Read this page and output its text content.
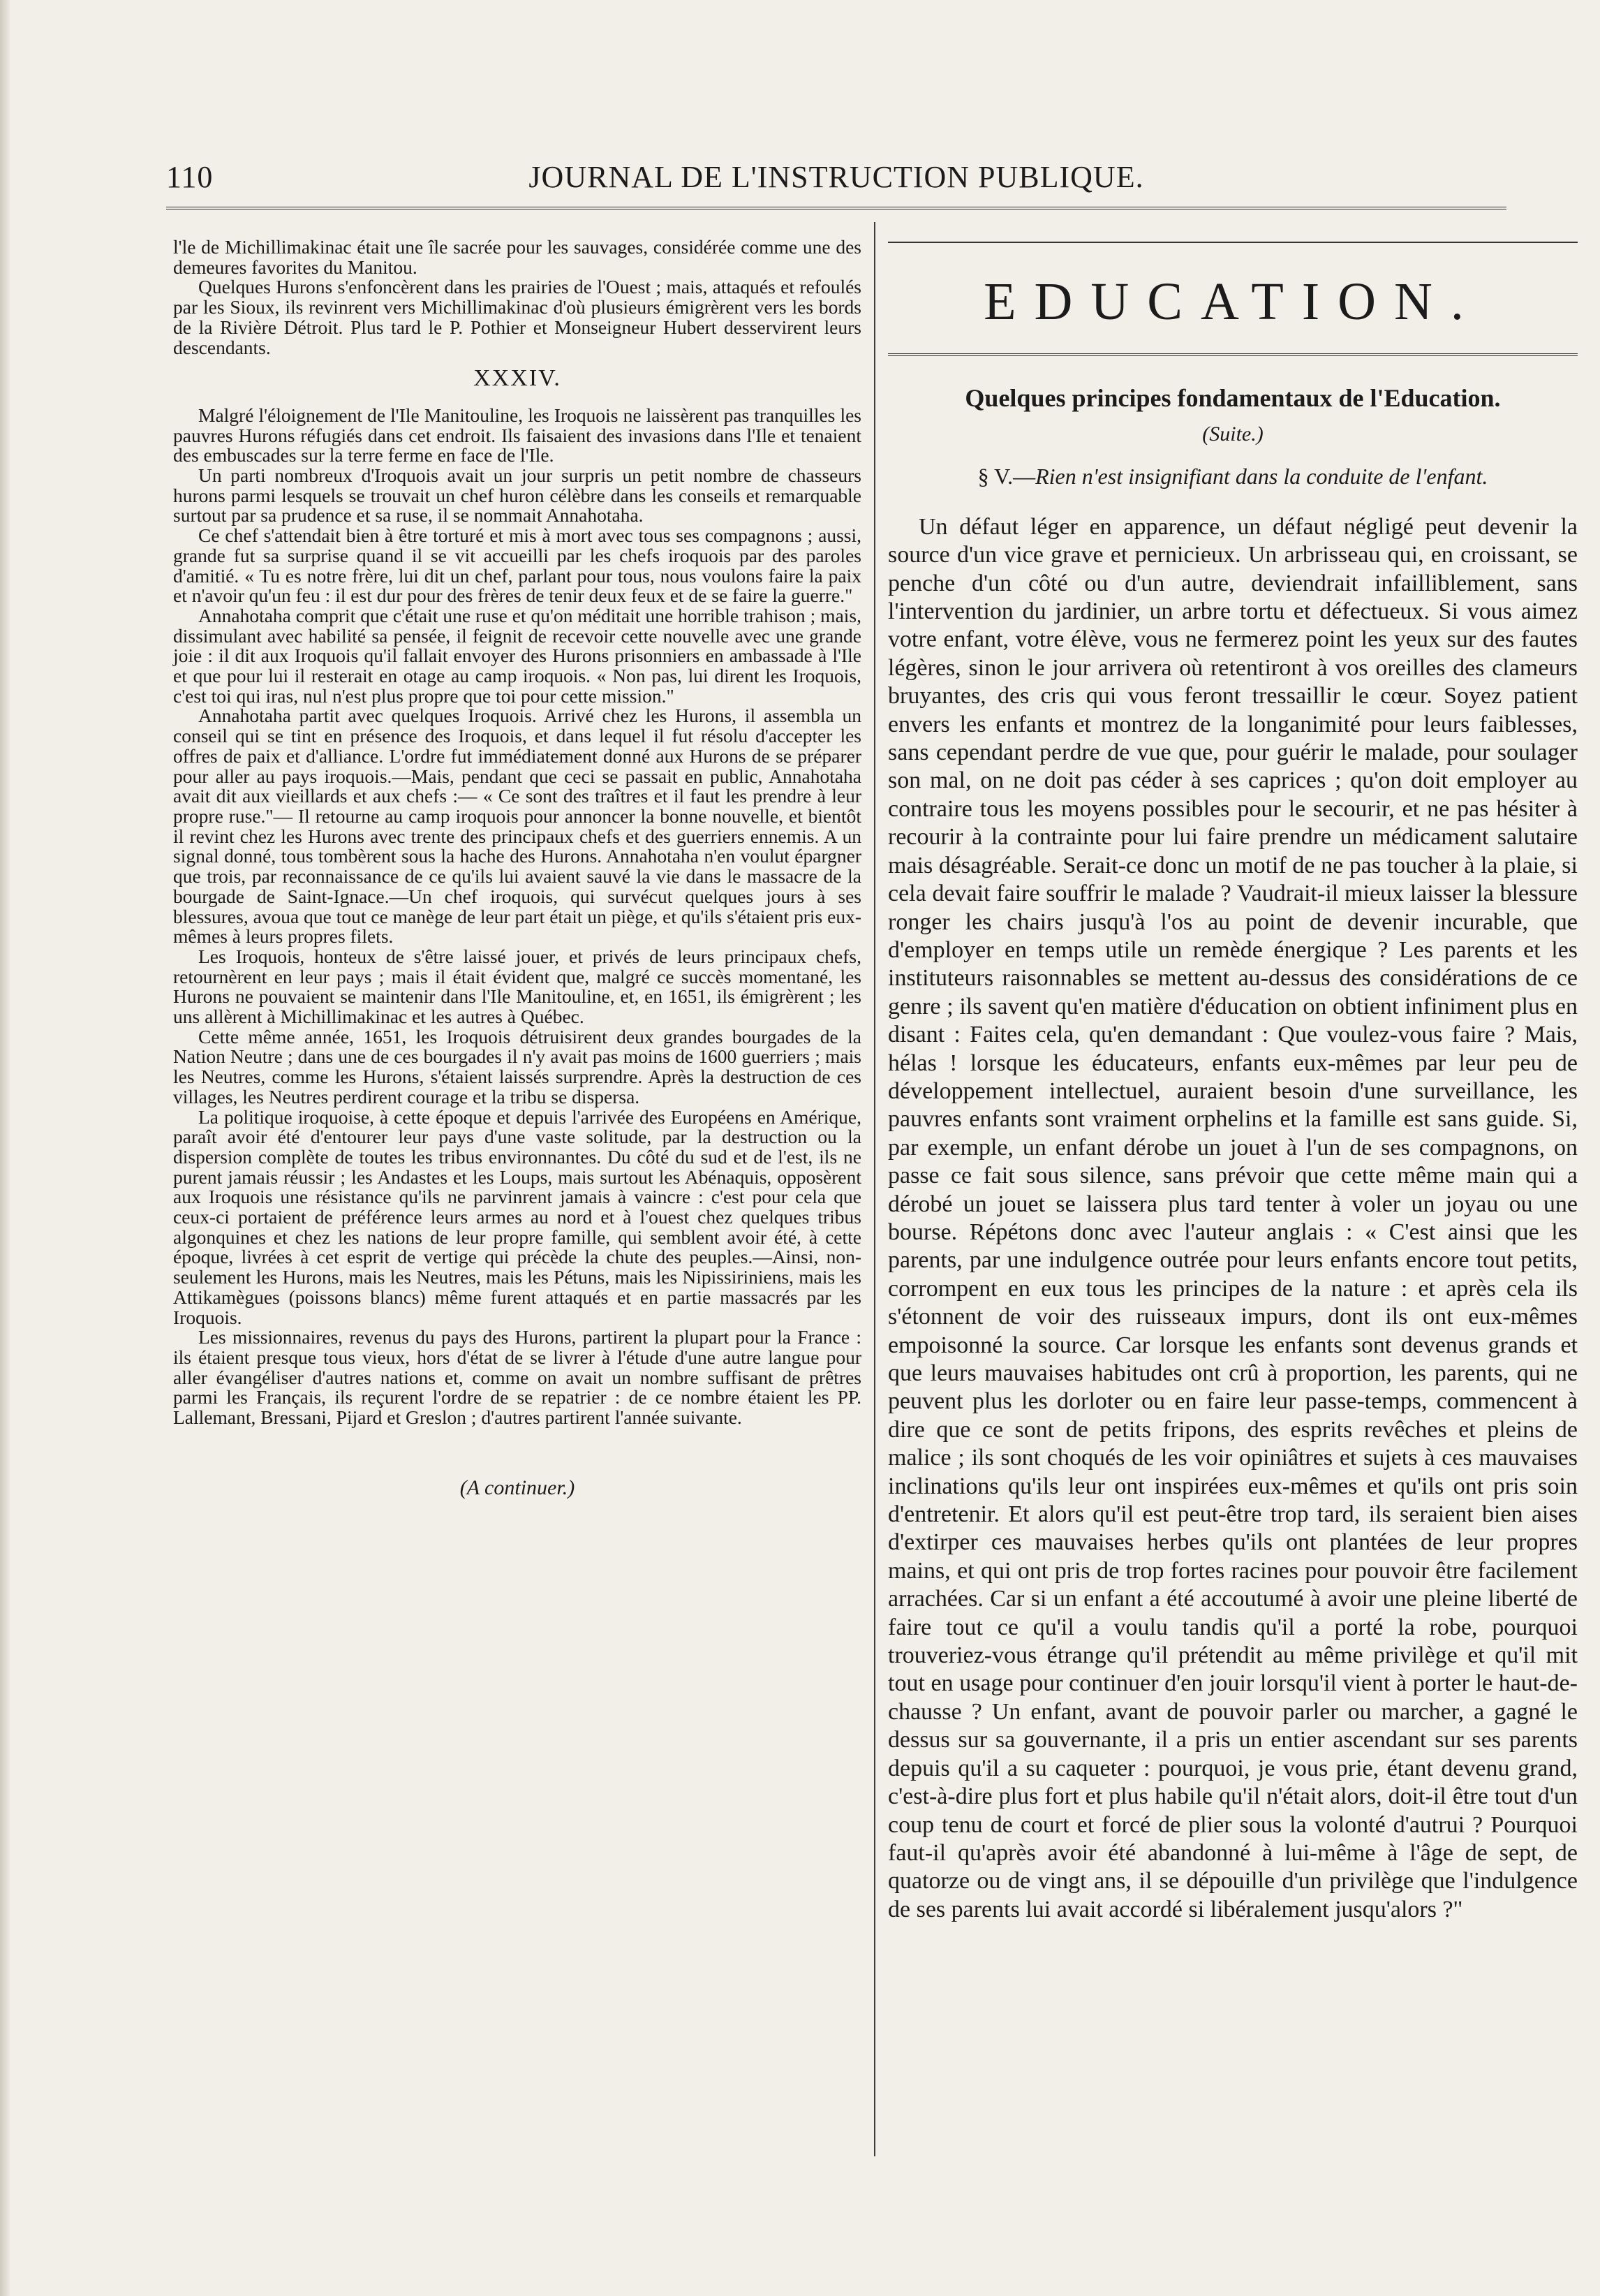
110	JOURNAL DE L'INSTRUCTION PUBLIQUE.

l'le de Michillimakinac était une île sacrée pour les sauvages, considérée comme une des demeures favorites du Manitou.

Quelques Hurons s'enfoncèrent dans les prairies de l'Ouest ; mais, attaqués et refoulés par les Sioux, ils revinrent vers Michillimakinac d'où plusieurs émigrèrent vers les bords de la Rivière Détroit. Plus tard le P. Pothier et Monseigneur Hubert desservirent leurs descendants.

XXXIV.

Malgré l'éloignement de l'Ile Manitouline, les Iroquois ne laissèrent pas tranquilles les pauvres Hurons réfugiés dans cet endroit. Ils faisaient des invasions dans l'Ile et tenaient des embuscades sur la terre ferme en face de l'Ile.

Un parti nombreux d'Iroquois avait un jour surpris un petit nombre de chasseurs hurons parmi lesquels se trouvait un chef huron célèbre dans les conseils et remarquable surtout par sa prudence et sa ruse, il se nommait Annahotaha.

Ce chef s'attendait bien à être torturé et mis à mort avec tous ses compagnons ; aussi, grande fut sa surprise quand il se vit accueilli par les chefs iroquois par des paroles d'amitié. « Tu es notre frère, lui dit un chef, parlant pour tous, nous voulons faire la paix et n'avoir qu'un feu : il est dur pour des frères de tenir deux feux et de se faire la guerre."

Annahotaha comprit que c'était une ruse et qu'on méditait une horrible trahison ; mais, dissimulant avec habilité sa pensée, il feignit de recevoir cette nouvelle avec une grande joie : il dit aux Iroquois qu'il fallait envoyer des Hurons prisonniers en ambassade à l'Ile et que pour lui il resterait en otage au camp iroquois. « Non pas, lui dirent les Iroquois, c'est toi qui iras, nul n'est plus propre que toi pour cette mission."

Annahotaha partit avec quelques Iroquois. Arrivé chez les Hurons, il assembla un conseil qui se tint en présence des Iroquois, et dans lequel il fut résolu d'accepter les offres de paix et d'alliance. L'ordre fut immédiatement donné aux Hurons de se préparer pour aller au pays iroquois.—Mais, pendant que ceci se passait en public, Annahotaha avait dit aux vieillards et aux chefs :— « Ce sont des traîtres et il faut les prendre à leur propre ruse."— Il retourne au camp iroquois pour annoncer la bonne nouvelle, et bientôt il revint chez les Hurons avec trente des principaux chefs et des guerriers ennemis. A un signal donné, tous tombèrent sous la hache des Hurons. Annahotaha n'en voulut épargner que trois, par reconnaissance de ce qu'ils lui avaient sauvé la vie dans le massacre de la bourgade de Saint-Ignace.—Un chef iroquois, qui survécut quelques jours à ses blessures, avoua que tout ce manège de leur part était un piège, et qu'ils s'étaient pris eux-mêmes à leurs propres filets.

Les Iroquois, honteux de s'être laissé jouer, et privés de leurs principaux chefs, retournèrent en leur pays ; mais il était évident que, malgré ce succès momentané, les Hurons ne pouvaient se maintenir dans l'Ile Manitouline, et, en 1651, ils émigrèrent ; les uns allèrent à Michillimakinac et les autres à Québec.

Cette même année, 1651, les Iroquois détruisirent deux grandes bourgades de la Nation Neutre ; dans une de ces bourgades il n'y avait pas moins de 1600 guerriers ; mais les Neutres, comme les Hurons, s'étaient laissés surprendre. Après la destruction de ces villages, les Neutres perdirent courage et la tribu se dispersa.

La politique iroquoise, à cette époque et depuis l'arrivée des Européens en Amérique, paraît avoir été d'entourer leur pays d'une vaste solitude, par la destruction ou la dispersion complète de toutes les tribus environnantes. Du côté du sud et de l'est, ils ne purent jamais réussir ; les Andastes et les Loups, mais surtout les Abénaquis, opposèrent aux Iroquois une résistance qu'ils ne parvinrent jamais à vaincre : c'est pour cela que ceux-ci portaient de préférence leurs armes au nord et à l'ouest chez quelques tribus algonquines et chez les nations de leur propre famille, qui semblent avoir été, à cette époque, livrées à cet esprit de vertige qui précède la chute des peuples.—Ainsi, non-seulement les Hurons, mais les Neutres, mais les Pétuns, mais les Nipissiriniens, mais les Attikamègues (poissons blancs) même furent attaqués et en partie massacrés par les Iroquois.

Les missionnaires, revenus du pays des Hurons, partirent la plupart pour la France : ils étaient presque tous vieux, hors d'état de se livrer à l'étude d'une autre langue pour aller évangéliser d'autres nations et, comme on avait un nombre suffisant de prêtres parmi les Français, ils reçurent l'ordre de se repatrier : de ce nombre étaient les PP. Lallemant, Bressani, Pijard et Greslon ; d'autres partirent l'année suivante.

(A continuer.)
EDUCATION.
Quelques principes fondamentaux de l'Education.
(Suite.)
§ V.—Rien n'est insignifiant dans la conduite de l'enfant.

Un défaut léger en apparence, un défaut négligé peut devenir la source d'un vice grave et pernicieux. Un arbrisseau qui, en croissant, se penche d'un côté ou d'un autre, deviendrait infailliblement, sans l'intervention du jardinier, un arbre tortu et défectueux. Si vous aimez votre enfant, votre élève, vous ne fermerez point les yeux sur des fautes légères, sinon le jour arrivera où retentiront à vos oreilles des clameurs bruyantes, des cris qui vous feront tressaillir le cœur. Soyez patient envers les enfants et montrez de la longanimité pour leurs faiblesses, sans cependant perdre de vue que, pour guérir le malade, pour soulager son mal, on ne doit pas céder à ses caprices ; qu'on doit employer au contraire tous les moyens possibles pour le secourir, et ne pas hésiter à recourir à la contrainte pour lui faire prendre un médicament salutaire mais désagréable. Serait-ce donc un motif de ne pas toucher à la plaie, si cela devait faire souffrir le malade ? Vaudrait-il mieux laisser la blessure ronger les chairs jusqu'à l'os au point de devenir incurable, que d'employer en temps utile un remède énergique ? Les parents et les instituteurs raisonnables se mettent au-dessus des considérations de ce genre ; ils savent qu'en matière d'éducation on obtient infiniment plus en disant : Faites cela, qu'en demandant : Que voulez-vous faire ? Mais, hélas ! lorsque les éducateurs, enfants eux-mêmes par leur peu de développement intellectuel, auraient besoin d'une surveillance, les pauvres enfants sont vraiment orphelins et la famille est sans guide. Si, par exemple, un enfant dérobe un jouet à l'un de ses compagnons, on passe ce fait sous silence, sans prévoir que cette même main qui a dérobé un jouet se laissera plus tard tenter à voler un joyau ou une bourse. Répétons donc avec l'auteur anglais : « C'est ainsi que les parents, par une indulgence outrée pour leurs enfants encore tout petits, corrompent en eux tous les principes de la nature : et après cela ils s'étonnent de voir des ruisseaux impurs, dont ils ont eux-mêmes empoisonné la source. Car lorsque les enfants sont devenus grands et que leurs mauvaises habitudes ont crû à proportion, les parents, qui ne peuvent plus les dorloter ou en faire leur passe-temps, commencent à dire que ce sont de petits fripons, des esprits revêches et pleins de malice ; ils sont choqués de les voir opiniâtres et sujets à ces mauvaises inclinations qu'ils leur ont inspirées eux-mêmes et qu'ils ont pris soin d'entretenir. Et alors qu'il est peut-être trop tard, ils seraient bien aises d'extirper ces mauvaises herbes qu'ils ont plantées de leur propres mains, et qui ont pris de trop fortes racines pour pouvoir être facilement arrachées. Car si un enfant a été accoutumé à avoir une pleine liberté de faire tout ce qu'il a voulu tandis qu'il a porté la robe, pourquoi trouveriez-vous étrange qu'il prétendit au même privilège et qu'il mit tout en usage pour continuer d'en jouir lorsqu'il vient à porter le haut-de-chausse ? Un enfant, avant de pouvoir parler ou marcher, a gagné le dessus sur sa gouvernante, il a pris un entier ascendant sur ses parents depuis qu'il a su caqueter : pourquoi, je vous prie, étant devenu grand, c'est-à-dire plus fort et plus habile qu'il n'était alors, doit-il être tout d'un coup tenu de court et forcé de plier sous la volonté d'autrui ? Pourquoi faut-il qu'après avoir été abandonné à lui-même à l'âge de sept, de quatorze ou de vingt ans, il se dépouille d'un privilège que l'indulgence de ses parents lui avait accordé si libéralement jusqu'alors ?"
